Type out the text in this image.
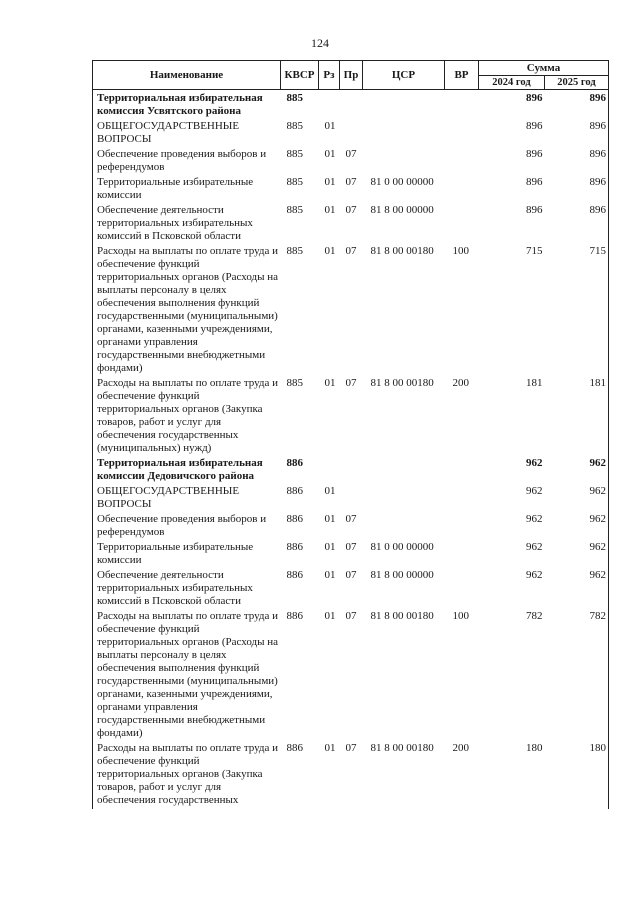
124
Наименование	КВСР	Рз	Пр	ЦСР	ВР	Сумма	
						2024 год	2025 год
Территориальная избирательная комиссия Усвятского района	885					896	896
ОБЩЕГОСУДАРСТВЕННЫЕ ВОПРОСЫ	885	01				896	896
Обеспечение проведения выборов и референдумов	885	01	07			896	896
Территориальные избирательные комиссии	885	01	07	81 0 00 00000		896	896
Обеспечение деятельности территориальных избирательных комиссий в Псковской области	885	01	07	81 8 00 00000		896	896
Расходы на выплаты по оплате труда и обеспечение функций территориальных органов (Расходы на выплаты персоналу в целях обеспечения выполнения функций государственными (муниципальными) органами, казенными учреждениями, органами управления государственными внебюджетными фондами)	885	01	07	81 8 00 00180	100	715	715
Расходы на выплаты по оплате труда и обеспечение функций территориальных органов (Закупка товаров, работ и услуг для обеспечения государственных (муниципальных) нужд)	885	01	07	81 8 00 00180	200	181	181
Территориальная избирательная комиссии Дедовичского района	886					962	962
ОБЩЕГОСУДАРСТВЕННЫЕ ВОПРОСЫ	886	01				962	962
Обеспечение проведения выборов и референдумов	886	01	07			962	962
Территориальные избирательные комиссии	886	01	07	81 0 00 00000		962	962
Обеспечение деятельности территориальных избирательных комиссий в Псковской области	886	01	07	81 8 00 00000		962	962
Расходы на выплаты по оплате труда и обеспечение функций территориальных органов (Расходы на выплаты персоналу в целях обеспечения выполнения функций государственными (муниципальными) органами, казенными учреждениями, органами управления государственными внебюджетными фондами)	886	01	07	81 8 00 00180	100	782	782
Расходы на выплаты по оплате труда и обеспечение функций территориальных органов (Закупка товаров, работ и услуг для обеспечения государственных	886	01	07	81 8 00 00180	200	180	180
